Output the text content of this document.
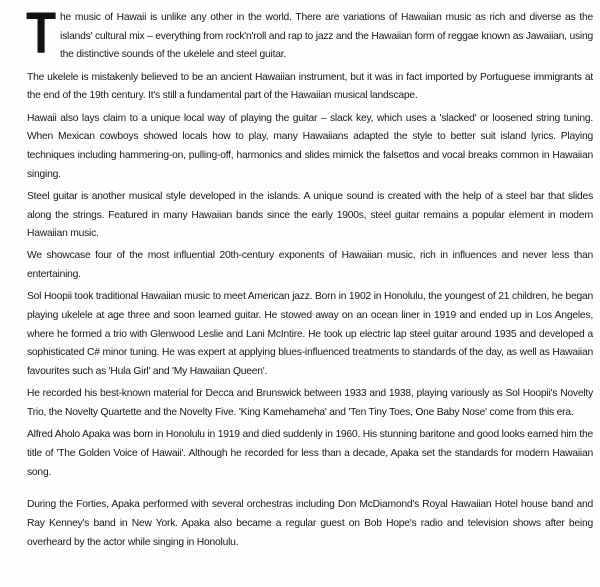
The music of Hawaii is unlike any other in the world. There are variations of Hawaiian music as rich and diverse as the islands' cultural mix – everything from rock'n'roll and rap to jazz and the Hawaiian form of reggae known as Jawaiian, using the distinctive sounds of the ukelele and steel guitar.

The ukelele is mistakenly believed to be an ancient Hawaiian instrument, but it was in fact imported by Portuguese immigrants at the end of the 19th century. It's still a fundamental part of the Hawaiian musical landscape.

Hawaii also lays claim to a unique local way of playing the guitar – slack key, which uses a 'slacked' or loosened string tuning. When Mexican cowboys showed locals how to play, many Hawaiians adapted the style to better suit island lyrics. Playing techniques including hammering-on, pulling-off, harmonics and slides mimick the falsettos and vocal breaks common in Hawaiian singing.

Steel guitar is another musical style developed in the islands. A unique sound is created with the help of a steel bar that slides along the strings. Featured in many Hawaiian bands since the early 1900s, steel guitar remains a popular element in modern Hawaiian music.

We showcase four of the most influential 20th-century exponents of Hawaiian music, rich in influences and never less than entertaining.

Sol Hoopii took traditional Hawaiian music to meet American jazz. Born in 1902 in Honolulu, the youngest of 21 children, he began playing ukelele at age three and soon learned guitar. He stowed away on an ocean liner in 1919 and ended up in Los Angeles, where he formed a trio with Glenwood Leslie and Lani McIntire. He took up electric lap steel guitar around 1935 and developed a sophisticated C# minor tuning. He was expert at applying blues-influenced treatments to standards of the day, as well as Hawaiian favourites such as 'Hula Girl' and 'My Hawaiian Queen'.

He recorded his best-known material for Decca and Brunswick between 1933 and 1938, playing variously as Sol Hoopii's Novelty Trio, the Novelty Quartette and the Novelty Five. 'King Kamehameha' and 'Ten Tiny Toes, One Baby Nose' come from this era.

Alfred Aholo Apaka was born in Honolulu in 1919 and died suddenly in 1960. His stunning baritone and good looks earned him the title of 'The Golden Voice of Hawaii'. Although he recorded for less than a decade, Apaka set the standards for modern Hawaiian song.

During the Forties, Apaka performed with several orchestras including Don McDiamond's Royal Hawaiian Hotel house band and Ray Kenney's band in New York. Apaka also became a regular guest on Bob Hope's radio and television shows after being overheard by the actor while singing in Honolulu.
